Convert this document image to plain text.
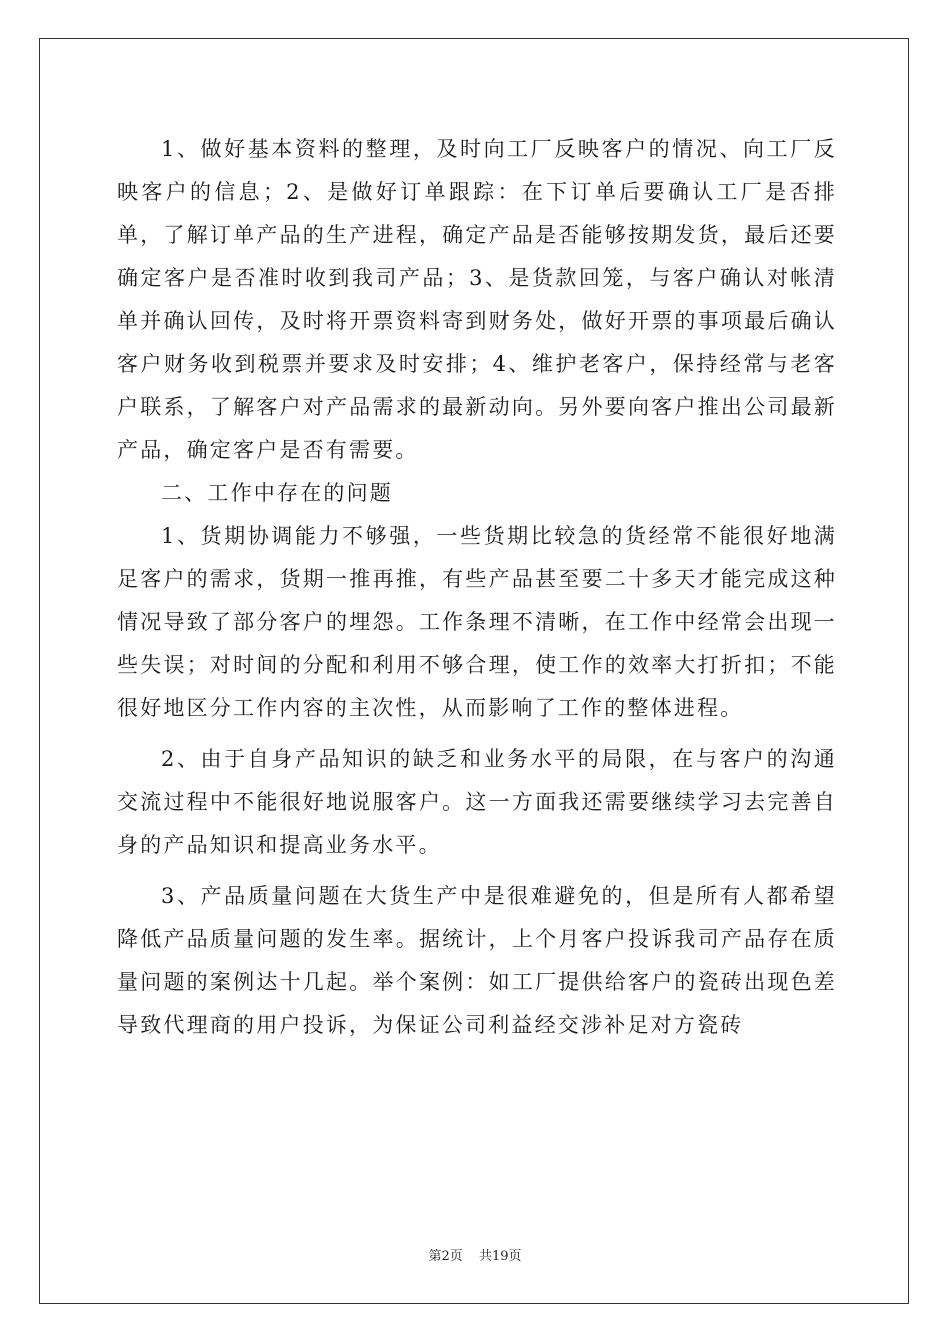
1、做好基本资料的整理，及时向工厂反映客户的情况、向工厂反映客户的信息；2、是做好订单跟踪：在下订单后要确认工厂是否排单，了解订单产品的生产进程，确定产品是否能够按期发货，最后还要确定客户是否准时收到我司产品；3、是货款回笼，与客户确认对帐清单并确认回传，及时将开票资料寄到财务处，做好开票的事项最后确认客户财务收到税票并要求及时安排；4、维护老客户，保持经常与老客户联系，了解客户对产品需求的最新动向。另外要向客户推出公司最新产品，确定客户是否有需要。

二、工作中存在的问题

1、货期协调能力不够强，一些货期比较急的货经常不能很好地满足客户的需求，货期一推再推，有些产品甚至要二十多天才能完成这种情况导致了部分客户的埋怨。工作条理不清晰，在工作中经常会出现一些失误；对时间的分配和利用不够合理，使工作的效率大打折扣；不能很好地区分工作内容的主次性，从而影响了工作的整体进程。

2、由于自身产品知识的缺乏和业务水平的局限，在与客户的沟通交流过程中不能很好地说服客户。这一方面我还需要继续学习去完善自身的产品知识和提高业务水平。

3、产品质量问题在大货生产中是很难避免的，但是所有人都希望降低产品质量问题的发生率。据统计，上个月客户投诉我司产品存在质量问题的案例达十几起。举个案例：如工厂提供给客户的瓷砖出现色差导致代理商的用户投诉，为保证公司利益经交涉补足对方瓷砖

第2页 共19页
